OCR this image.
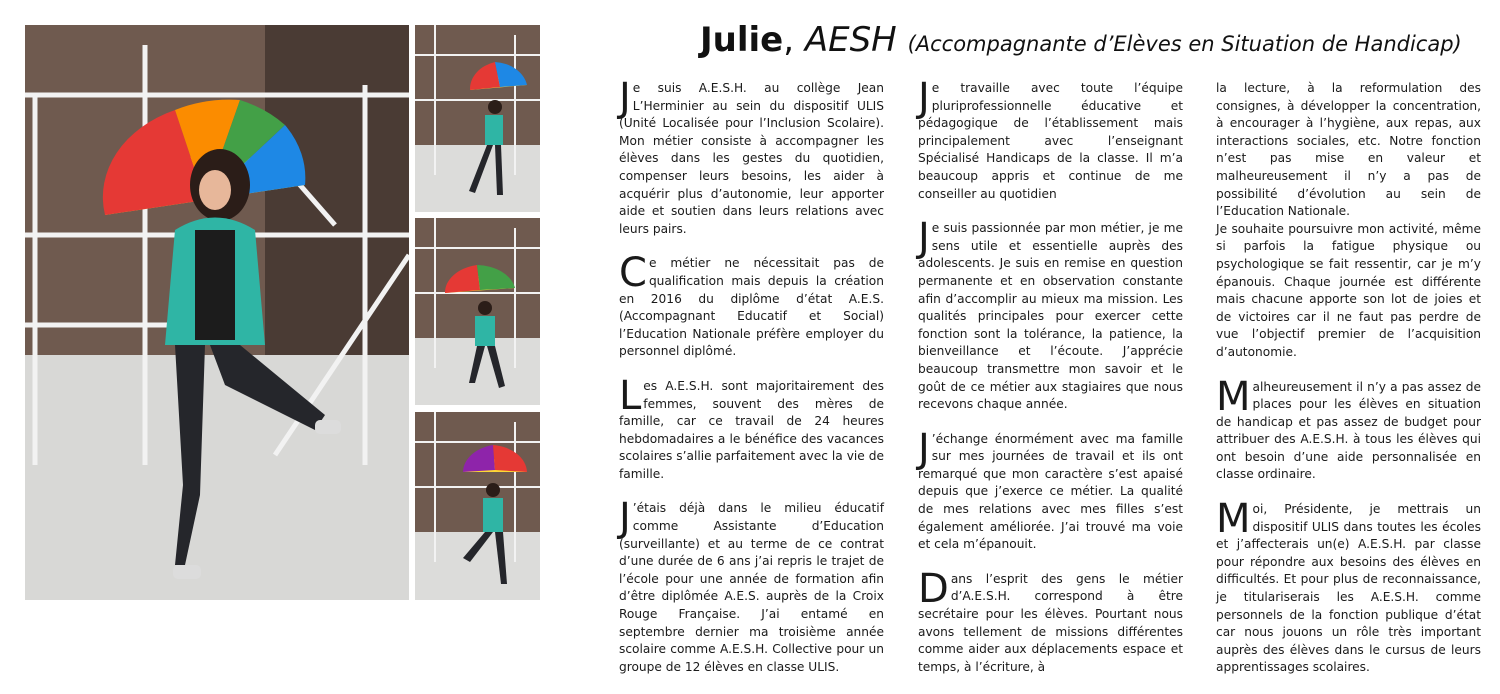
Julie, AESH (Accompagnante d’Elèves en Situation de Handicap)

Je suis A.E.S.H. au collège Jean L’Herminier au sein du dispositif ULIS (Unité Localisée pour l’Inclusion Scolaire). Mon métier consiste à accompagner les élèves dans les gestes du quotidien, compenser leurs besoins, les aider à acquérir plus d’autonomie, leur apporter aide et soutien dans leurs relations avec leurs pairs.

Ce métier ne nécessitait pas de qualification mais depuis la création en 2016 du diplôme d’état A.E.S. (Accompagnant Educatif et Social) l’Education Nationale préfère employer du personnel diplômé.

Les A.E.S.H. sont majoritairement des femmes, souvent des mères de famille, car ce travail de 24 heures hebdomadaires a le bénéfice des vacances scolaires s’allie parfaitement avec la vie de famille.

J ’étais déjà dans le milieu éducatif comme Assistante d’Education (surveillante) et au terme de ce contrat d’une durée de 6 ans j’ai repris le trajet de l’école pour une année de formation afin d’être diplômée A.E.S. auprès de la Croix Rouge Française. J’ai entamé en septembre dernier ma troisième année scolaire comme A.E.S.H. Collective pour un groupe de 12 élèves en classe ULIS.

Je travaille avec toute l’équipe pluriprofessionnelle éducative et pédagogique de l’établissement mais principalement avec l’enseignant Spécialisé Handicaps de la classe. Il m’a beaucoup appris et continue de me conseiller au quotidien

Je suis passionnée par mon métier, je me sens utile et essentielle auprès des adolescents. Je suis en remise en question permanente et en observation constante afin d’accomplir au mieux ma mission. Les qualités principales pour exercer cette fonction sont la tolérance, la patience, la bienveillance et l’écoute. J’apprécie beaucoup transmettre mon savoir et le goût de ce métier aux stagiaires que nous recevons chaque année.

J ’échange énormément avec ma famille sur mes journées de travail et ils ont remarqué que mon caractère s’est apaisé depuis que j’exerce ce métier. La qualité de mes relations avec mes filles s’est également améliorée. J’ai trouvé ma voie et cela m’épanouit.

Dans l’esprit des gens le métier d’A.E.S.H. correspond à être secrétaire pour les élèves. Pourtant nous avons tellement de missions différentes comme aider aux déplacements espace et temps, à l’écriture, à

la lecture, à la reformulation des consignes, à développer la concentration, à encourager à l’hygiène, aux repas, aux interactions sociales, etc. Notre fonction n’est pas mise en valeur et malheureusement il n’y a pas de possibilité d’évolution au sein de l’Education Nationale.

Je souhaite poursuivre mon activité, même si parfois la fatigue physique ou psychologique se fait ressentir, car je m’y épanouis. Chaque journée est différente mais chacune apporte son lot de joies et de victoires car il ne faut pas perdre de vue l’objectif premier de l’acquisition d’autonomie.

Malheureusement il n’y a pas assez de places pour les élèves en situation de handicap et pas assez de budget pour attribuer des A.E.S.H. à tous les élèves qui ont besoin d’une aide personnalisée en classe ordinaire.

Moi, Présidente, je mettrais un dispositif ULIS dans toutes les écoles et j’affecterais un(e) A.E.S.H. par classe pour répondre aux besoins des élèves en difficultés. Et pour plus de reconnaissance, je titulariserais les A.E.S.H. comme personnels de la fonction publique d’état car nous jouons un rôle très important auprès des élèves dans le cursus de leurs apprentissages scolaires.
